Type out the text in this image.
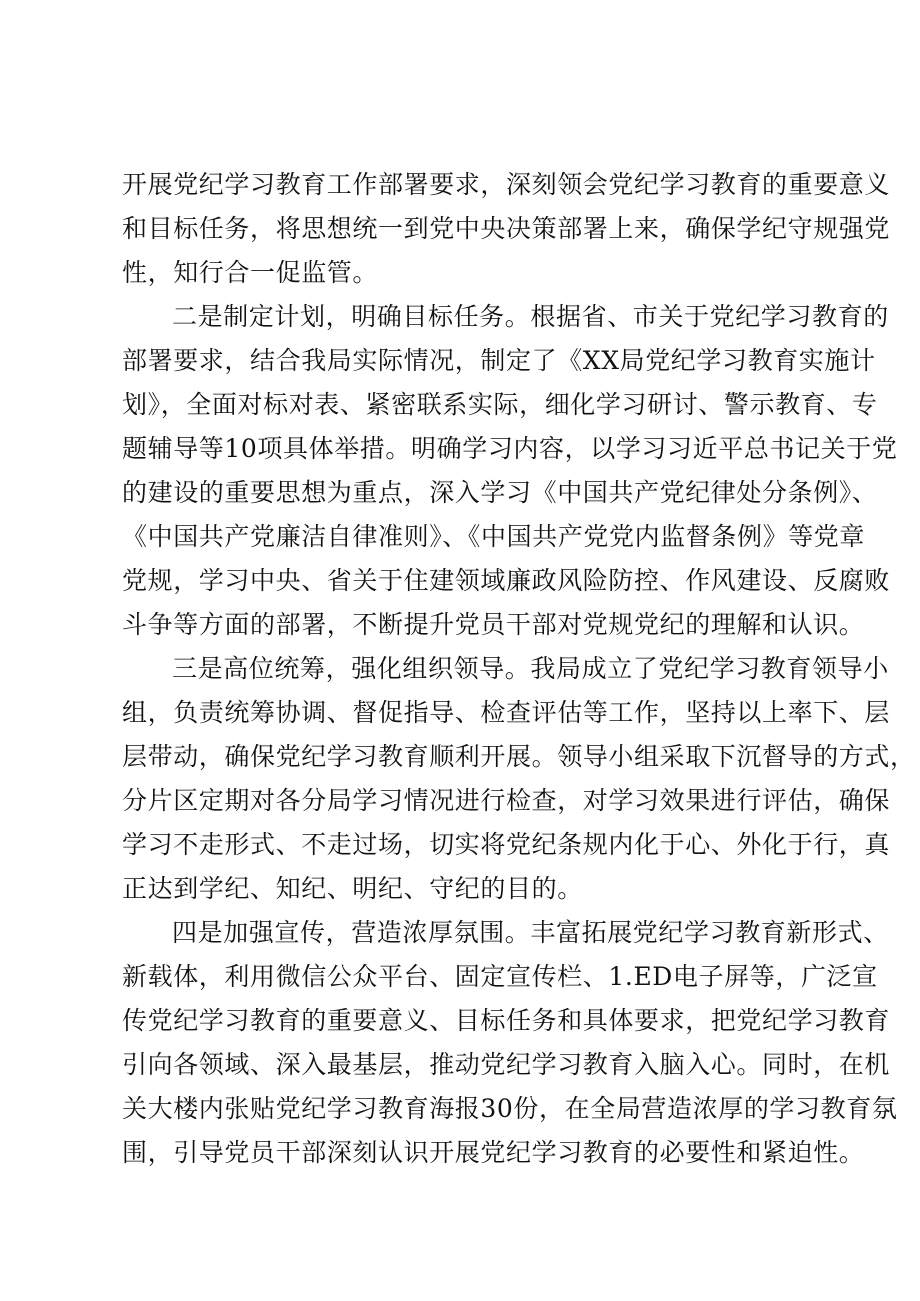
开展党纪学习教育工作部署要求，深刻领会党纪学习教育的重要意义
和目标任务，将思想统一到党中央决策部署上来，确保学纪守规强党
性，知行合一促监管。
二是制定计划，明确目标任务。根据省、市关于党纪学习教育的
部署要求，结合我局实际情况，制定了《XX局党纪学习教育实施计
划》，全面对标对表、紧密联系实际，细化学习研讨、警示教育、专
题辅导等10项具体举措。明确学习内容，以学习习近平总书记关于党
的建设的重要思想为重点，深入学习《中国共产党纪律处分条例》、
《中国共产党廉洁自律准则》、《中国共产党党内监督条例》等党章
党规，学习中央、省关于住建领域廉政风险防控、作风建设、反腐败
斗争等方面的部署，不断提升党员干部对党规党纪的理解和认识。
三是高位统筹，强化组织领导。我局成立了党纪学习教育领导小
组，负责统筹协调、督促指导、检查评估等工作，坚持以上率下、层
层带动，确保党纪学习教育顺利开展。领导小组采取下沉督导的方式，
分片区定期对各分局学习情况进行检查，对学习效果进行评估，确保
学习不走形式、不走过场，切实将党纪条规内化于心、外化于行，真
正达到学纪、知纪、明纪、守纪的目的。
四是加强宣传，营造浓厚氛围。丰富拓展党纪学习教育新形式、
新载体，利用微信公众平台、固定宣传栏、1.ED电子屏等，广泛宣
传党纪学习教育的重要意义、目标任务和具体要求，把党纪学习教育
引向各领域、深入最基层，推动党纪学习教育入脑入心。同时，在机
关大楼内张贴党纪学习教育海报30份，在全局营造浓厚的学习教育氛
围，引导党员干部深刻认识开展党纪学习教育的必要性和紧迫性。
